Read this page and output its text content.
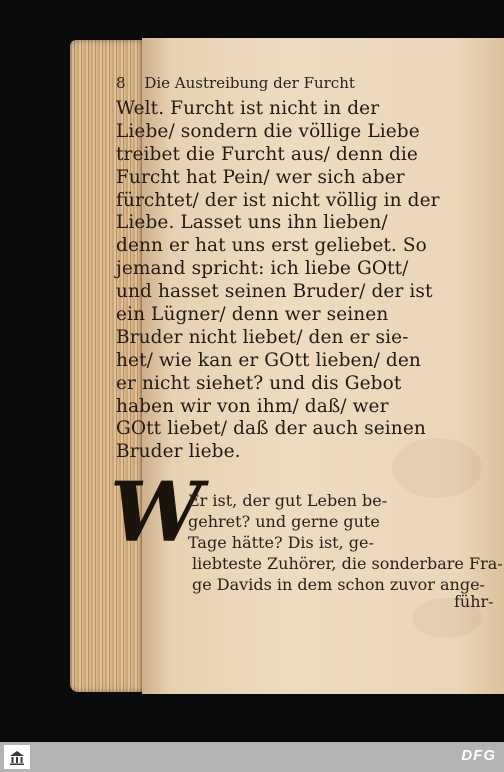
8 Die Austreibung der Furcht
Welt. Furcht ist nicht in der
Liebe/ sondern die völlige Liebe
treibet die Furcht aus/ denn die
Furcht hat Pein/ wer sich aber
fürchtet/ der ist nicht völlig in der
Liebe. Lasset uns ihn lieben/
denn er hat uns erst geliebet. So
jemand spricht: ich liebe GOtt/
und hasset seinen Bruder/ der ist
ein Lügner/ denn wer seinen
Bruder nicht liebet/ den er sie-
het/ wie kan er GOtt lieben/ den
er nicht siehet? und dis Gebot
haben wir von ihm/ daß/ wer
GOtt liebet/ daß der auch seinen
Bruder liebe.
W
Er ist, der gut Leben be-
gehret? und gerne gute
Tage hätte? Dis ist, ge-
liebteste Zuhörer, die sonderbare Fra-
ge Davids in dem schon zuvor ange-
führ-
DFG
